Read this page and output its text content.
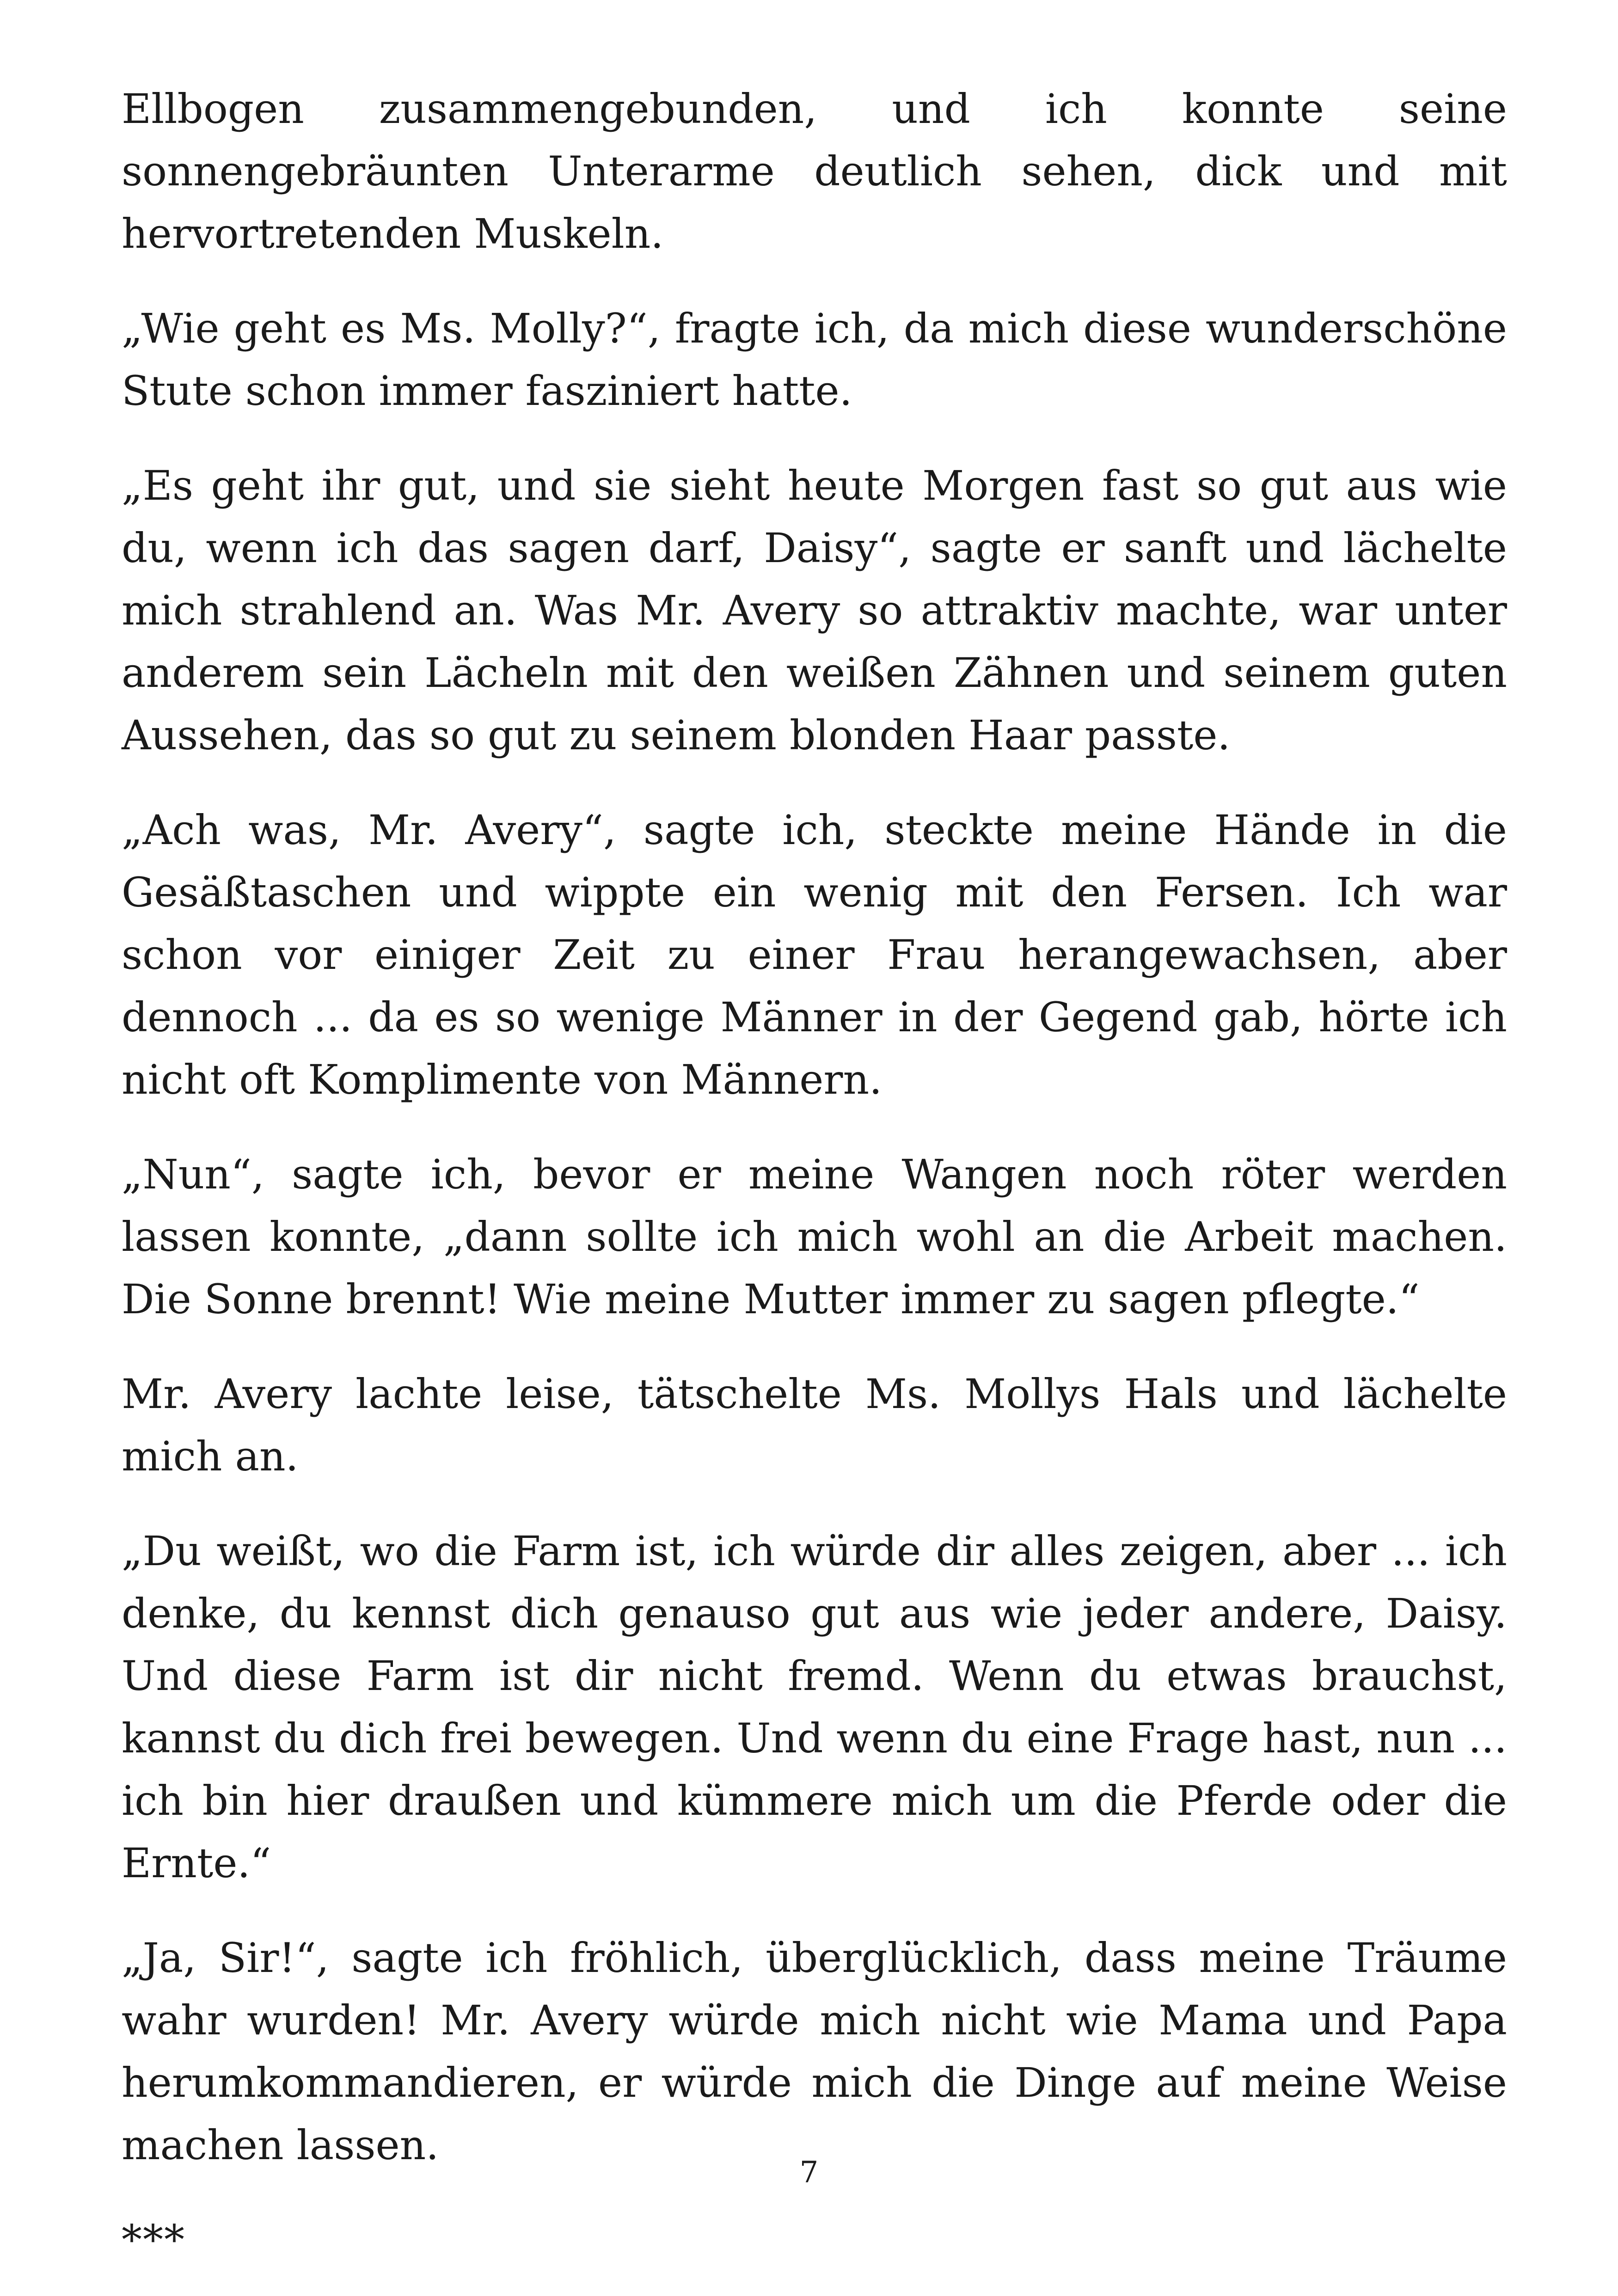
Ellbogen zusammengebunden, und ich konnte seine sonnengebräunten Unterarme deutlich sehen, dick und mit hervortretenden Muskeln.

„Wie geht es Ms. Molly?“, fragte ich, da mich diese wunderschöne Stute schon immer fasziniert hatte.

„Es geht ihr gut, und sie sieht heute Morgen fast so gut aus wie du, wenn ich das sagen darf, Daisy“, sagte er sanft und lächelte mich strahlend an. Was Mr. Avery so attraktiv machte, war unter anderem sein Lächeln mit den weißen Zähnen und seinem guten Aussehen, das so gut zu seinem blonden Haar passte.

„Ach was, Mr. Avery“, sagte ich, steckte meine Hände in die Gesäßtaschen und wippte ein wenig mit den Fersen. Ich war schon vor einiger Zeit zu einer Frau herangewachsen, aber dennoch ... da es so wenige Männer in der Gegend gab, hörte ich nicht oft Komplimente von Männern.

„Nun“, sagte ich, bevor er meine Wangen noch röter werden lassen konnte, „dann sollte ich mich wohl an die Arbeit machen. Die Sonne brennt! Wie meine Mutter immer zu sagen pflegte.“

Mr. Avery lachte leise, tätschelte Ms. Mollys Hals und lächelte mich an.

„Du weißt, wo die Farm ist, ich würde dir alles zeigen, aber ... ich denke, du kennst dich genauso gut aus wie jeder andere, Daisy. Und diese Farm ist dir nicht fremd. Wenn du etwas brauchst, kannst du dich frei bewegen. Und wenn du eine Frage hast, nun ... ich bin hier draußen und kümmere mich um die Pferde oder die Ernte.“

„Ja, Sir!“, sagte ich fröhlich, überglücklich, dass meine Träume wahr wurden! Mr. Avery würde mich nicht wie Mama und Papa herumkommandieren, er würde mich die Dinge auf meine Weise machen lassen.

***

7
